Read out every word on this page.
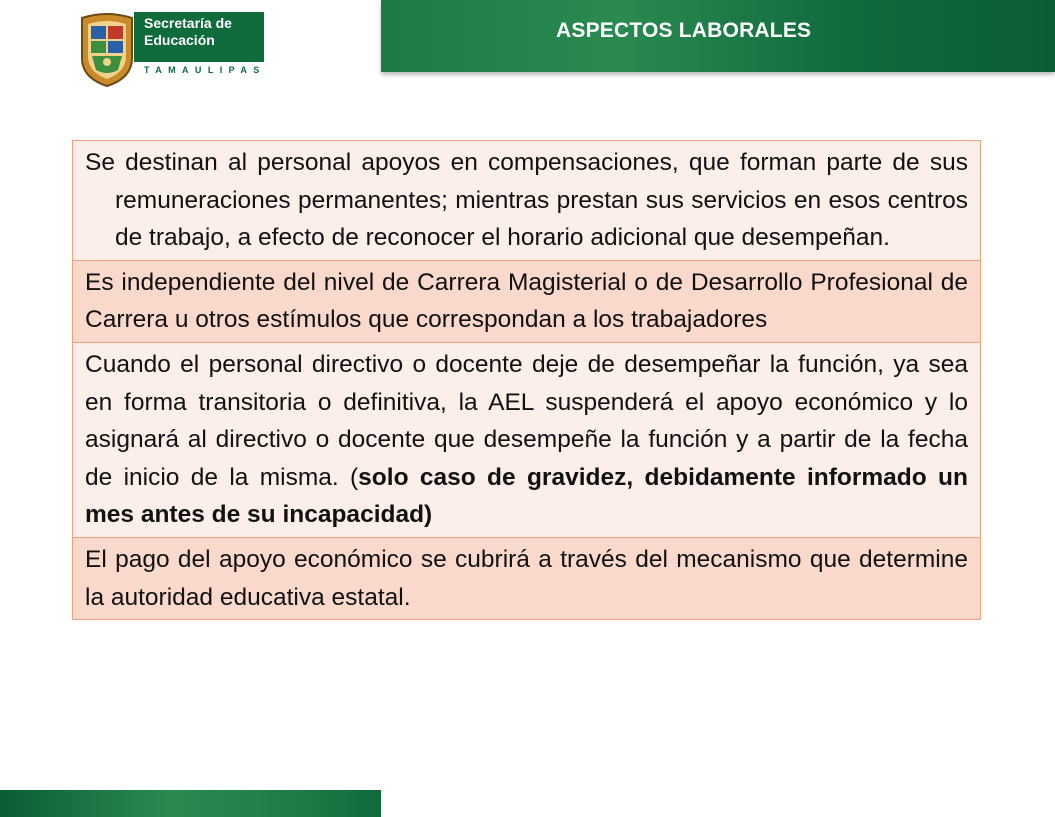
ASPECTOS LABORALES
Secretaría de
Educación
TAMAULIPAS
Se destinan al personal apoyos en compensaciones, que forman parte de sus remuneraciones permanentes; mientras prestan sus servicios en esos centros de trabajo, a efecto de reconocer el horario adicional que desempeñan.

Es independiente del nivel de Carrera Magisterial o de Desarrollo Profesional de Carrera u otros estímulos que correspondan a los trabajadores
Cuando el personal directivo o docente deje de desempeñar la función, ya sea en forma transitoria o definitiva, la AEL suspenderá el apoyo económico y lo asignará al directivo o docente que desempeñe la función y a partir de la fecha de inicio de la misma. (solo caso de gravidez, debidamente informado un mes antes de su incapacidad)
El pago del apoyo económico se cubrirá a través del mecanismo que determine la autoridad educativa estatal.
